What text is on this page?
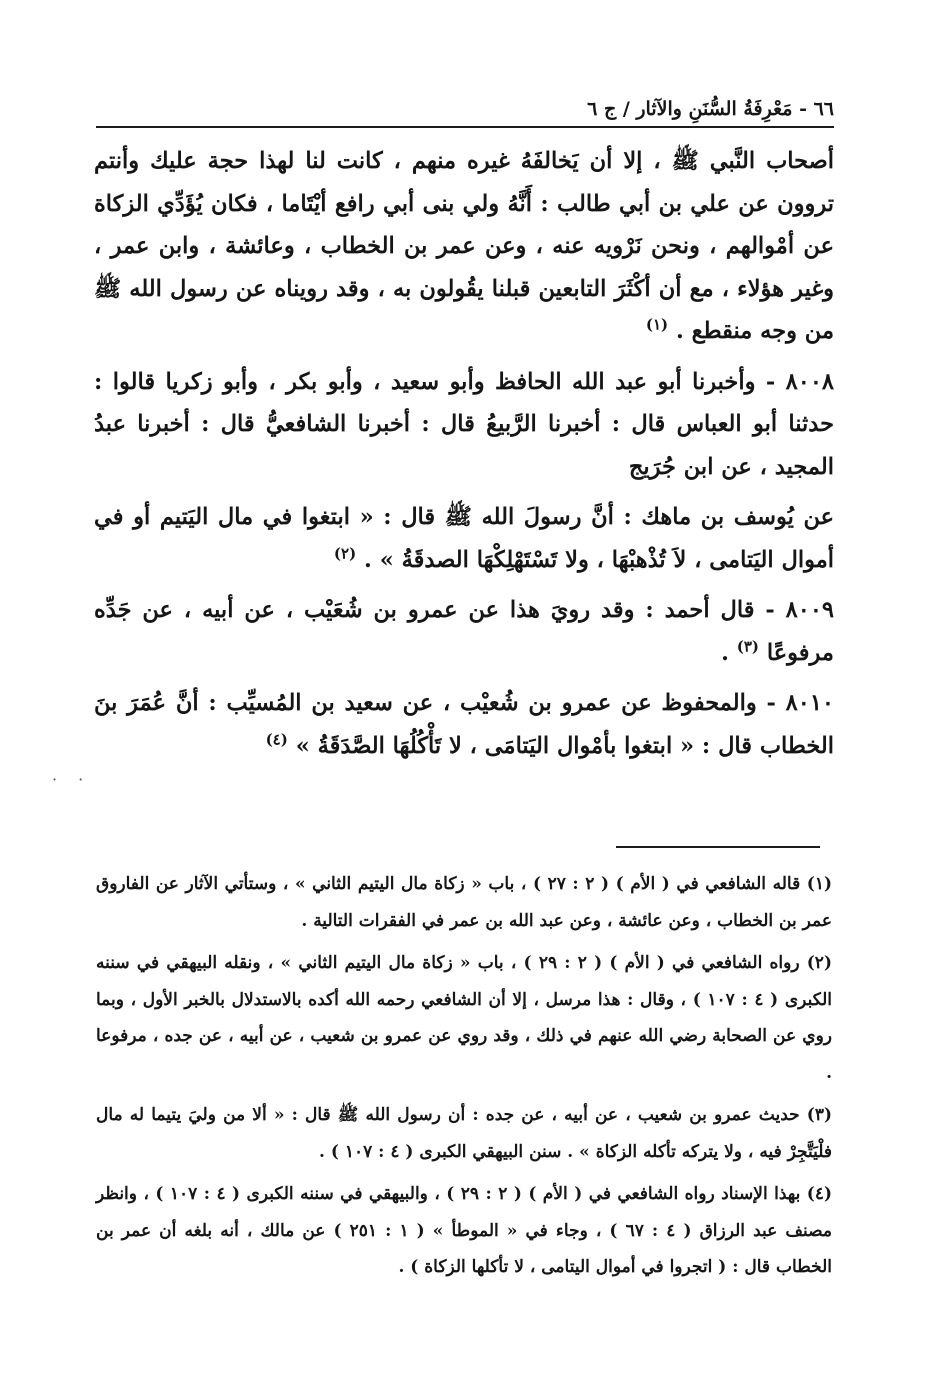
٦٦ - مَعْرِفَةُ السُّنَنِ والآثار / ج ٦

أصحاب النَّبي ﷺ ، إلا أن يَخالفَهُ غيره منهم ، كانت لنا لهذا حجة عليك وأنتم تروون عن علي بن أبي طالب : أَنَّهُ ولي بنى أبي رافع أيْتَاما ، فكان يُؤَدِّي الزكاة عن أمْوالهم ، ونحن نَرْويه عنه ، وعن عمر بن الخطاب ، وعائشة ، وابن عمر ، وغير هؤلاء ، مع أن أكْثَرَ التابعين قبلنا يقُولون به ، وقد رويناه عن رسول الله ﷺ من وجه منقطع . $^{(١)}$

٨٠٠٨ - وأخبرنا أبو عبد الله الحافظ وأبو سعيد ، وأبو بكر ، وأبو زكريا قالوا : حدثنا أبو العباس قال : أخبرنا الرَّبيعُ قال : أخبرنا الشافعيُّ قال : أخبرنا عبدُ المجيد ، عن ابن جُرَيج

عن يُوسف بن ماهك : أنَّ رسولَ الله ﷺ قال : « ابتغوا في مال اليَتيم أو في أموال اليَتامى ، لاَ تُذْهبْهَا ، ولا تَسْتَهْلِكْهَا الصدقَةُ » . $^{(٢)}$

٨٠٠٩ - قال أحمد : وقد رويَ هذا عن عمرو بن شُعَيْب ، عن أبيه ، عن جَدِّه مرفوعًا $^{(٣)}$ .

٨٠١٠ - والمحفوظ عن عمرو بن شُعيْب ، عن سعيد بن المُسيِّب : أنَّ عُمَرَ بنَ الخطاب قال : « ابتغوا بأمْوال اليَتامَى ، لا تَأْكُلُهَا الصَّدَقَةُ » $^{(٤)}$

· ·

(١) قاله الشافعي في ( الأم ) ( ٢ : ٢٧ ) ، باب « زكاة مال اليتيم الثاني » ، وستأتي الآثار عن الفاروق عمر بن الخطاب ، وعن عائشة ، وعن عبد الله بن عمر في الفقرات التالية .

(٢) رواه الشافعي في ( الأم ) ( ٢ : ٢٩ ) ، باب « زكاة مال اليتيم الثاني » ، ونقله البيهقي في سننه الكبرى ( ٤ : ١٠٧ ) ، وقال : هذا مرسل ، إلا أن الشافعي رحمه الله أكده بالاستدلال بالخبر الأول ، وبما روي عن الصحابة رضي الله عنهم في ذلك ، وقد روي عن عمرو بن شعيب ، عن أبيه ، عن جده ، مرفوعا .

(٣) حديث عمرو بن شعيب ، عن أبيه ، عن جده : أن رسول الله ﷺ قال : « ألا من وليَ يتيما له مال فلْيَتَّجِرْ فيه ، ولا يتركه تأكله الزكاة » . سنن البيهقي الكبرى ( ٤ : ١٠٧ ) .

(٤) بهذا الإسناد رواه الشافعي في ( الأم ) ( ٢ : ٢٩ ) ، والبيهقي في سننه الكبرى ( ٤ : ١٠٧ ) ، وانظر مصنف عبد الرزاق ( ٤ : ٦٧ ) ، وجاء في « الموطأ » ( ١ : ٢٥١ ) عن مالك ، أنه بلغه أن عمر بن الخطاب قال : ( اتجروا في أموال اليتامى ، لا تأكلها الزكاة ) .
